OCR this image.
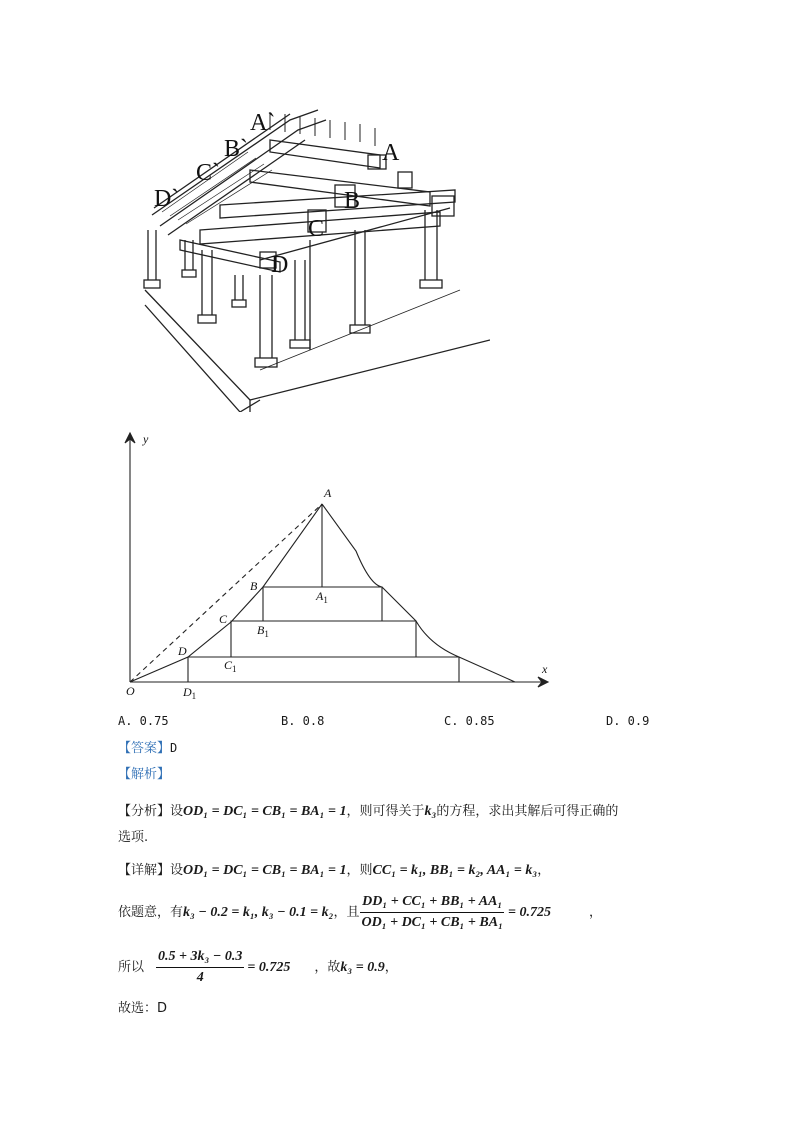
A`
A
B`
B
C`
C
D`
D
y
x
O
A
$A_1$
B
$B_1$
C
$C_1$
D
$D_1$
A. 0.75	B. 0.8	C. 0.85	D. 0.9
【答案】D
【解析】
【分析】设OD₁ = DC₁ = CB₁ = BA₁ = 1，则可得关于k₃的方程，求出其解后可得正确的
选项.
【详解】设OD₁ = DC₁ = CB₁ = BA₁ = 1，则CC₁ = k₁, BB₁ = k₂, AA₁ = k₃，
依题意，有 k₃ − 0.2 = k₁, k₃ − 0.1 = k₂ ，且 $\frac{\text{DD₁ + CC₁ + BB₁ + AA₁}}{\text{OD₁ + DC₁ + CB₁ + BA₁}} = 0.725$	，
所以 $\frac{\text{0.5 + 3k₃ − 0.3}}{4} = 0.725$ ，故 k₃ = 0.9 ，
故选：D
